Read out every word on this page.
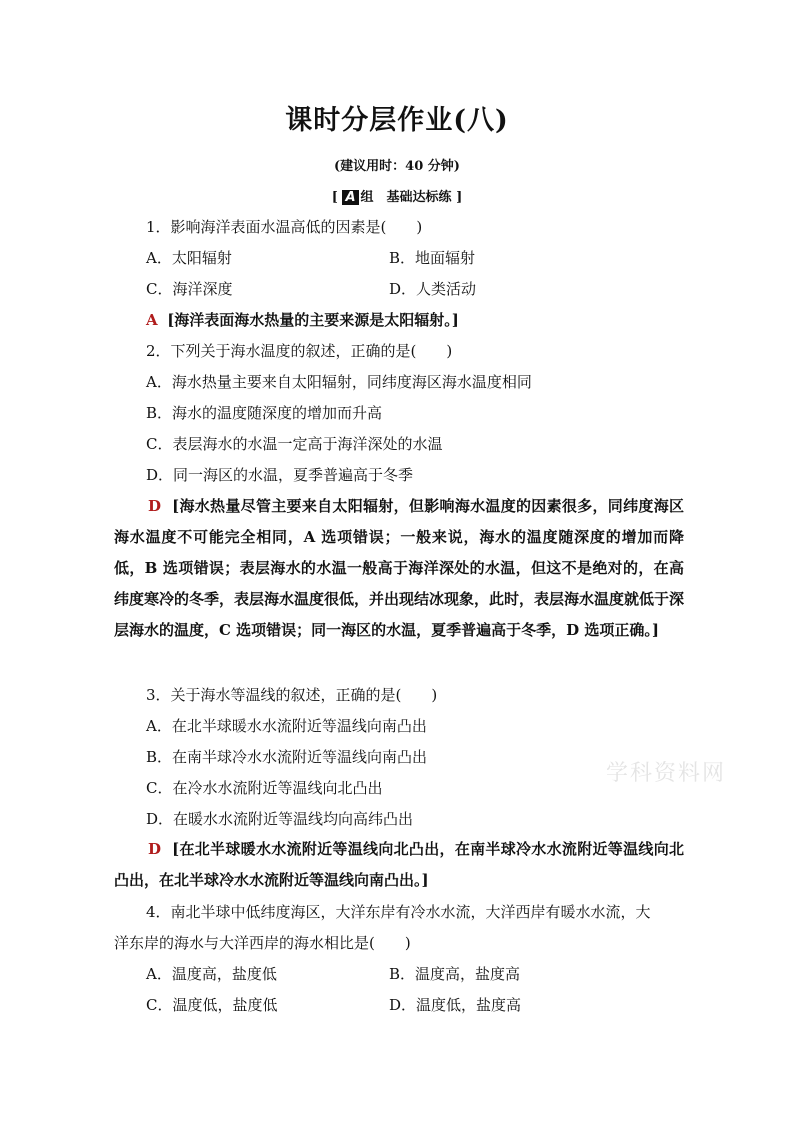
课时分层作业(八)
(建议用时：40 分钟)
[ A 组　基础达标练 ]
1．影响海洋表面水温高低的因素是(　　)
A．太阳辐射	B．地面辐射
C．海洋深度	D．人类活动
A [海洋表面海水热量的主要来源是太阳辐射。]
2．下列关于海水温度的叙述，正确的是(　　)
A．海水热量主要来自太阳辐射，同纬度海区海水温度相同
B．海水的温度随深度的增加而升高
C．表层海水的水温一定高于海洋深处的水温
D．同一海区的水温，夏季普遍高于冬季
D [海水热量尽管主要来自太阳辐射，但影响海水温度的因素很多，同纬度海区海水温度不可能完全相同，A 选项错误；一般来说，海水的温度随深度的增加而降低，B 选项错误；表层海水的水温一般高于海洋深处的水温，但这不是绝对的，在高纬度寒冷的冬季，表层海水温度很低，并出现结冰现象，此时，表层海水温度就低于深层海水的温度，C 选项错误；同一海区的水温，夏季普遍高于冬季，D 选项正确。]
3．关于海水等温线的叙述，正确的是(　　)
A．在北半球暖水水流附近等温线向南凸出
B．在南半球冷水水流附近等温线向南凸出
C．在冷水水流附近等温线向北凸出
D．在暖水水流附近等温线均向高纬凸出
D [在北半球暖水水流附近等温线向北凸出，在南半球冷水水流附近等温线向北凸出，在北半球冷水水流附近等温线向南凸出。]
4．南北半球中低纬度海区，大洋东岸有冷水水流，大洋西岸有暖水水流，大
洋东岸的海水与大洋西岸的海水相比是(　　)
A．温度高，盐度低	B．温度高，盐度高
C．温度低，盐度低	D．温度低，盐度高
学科资料网
